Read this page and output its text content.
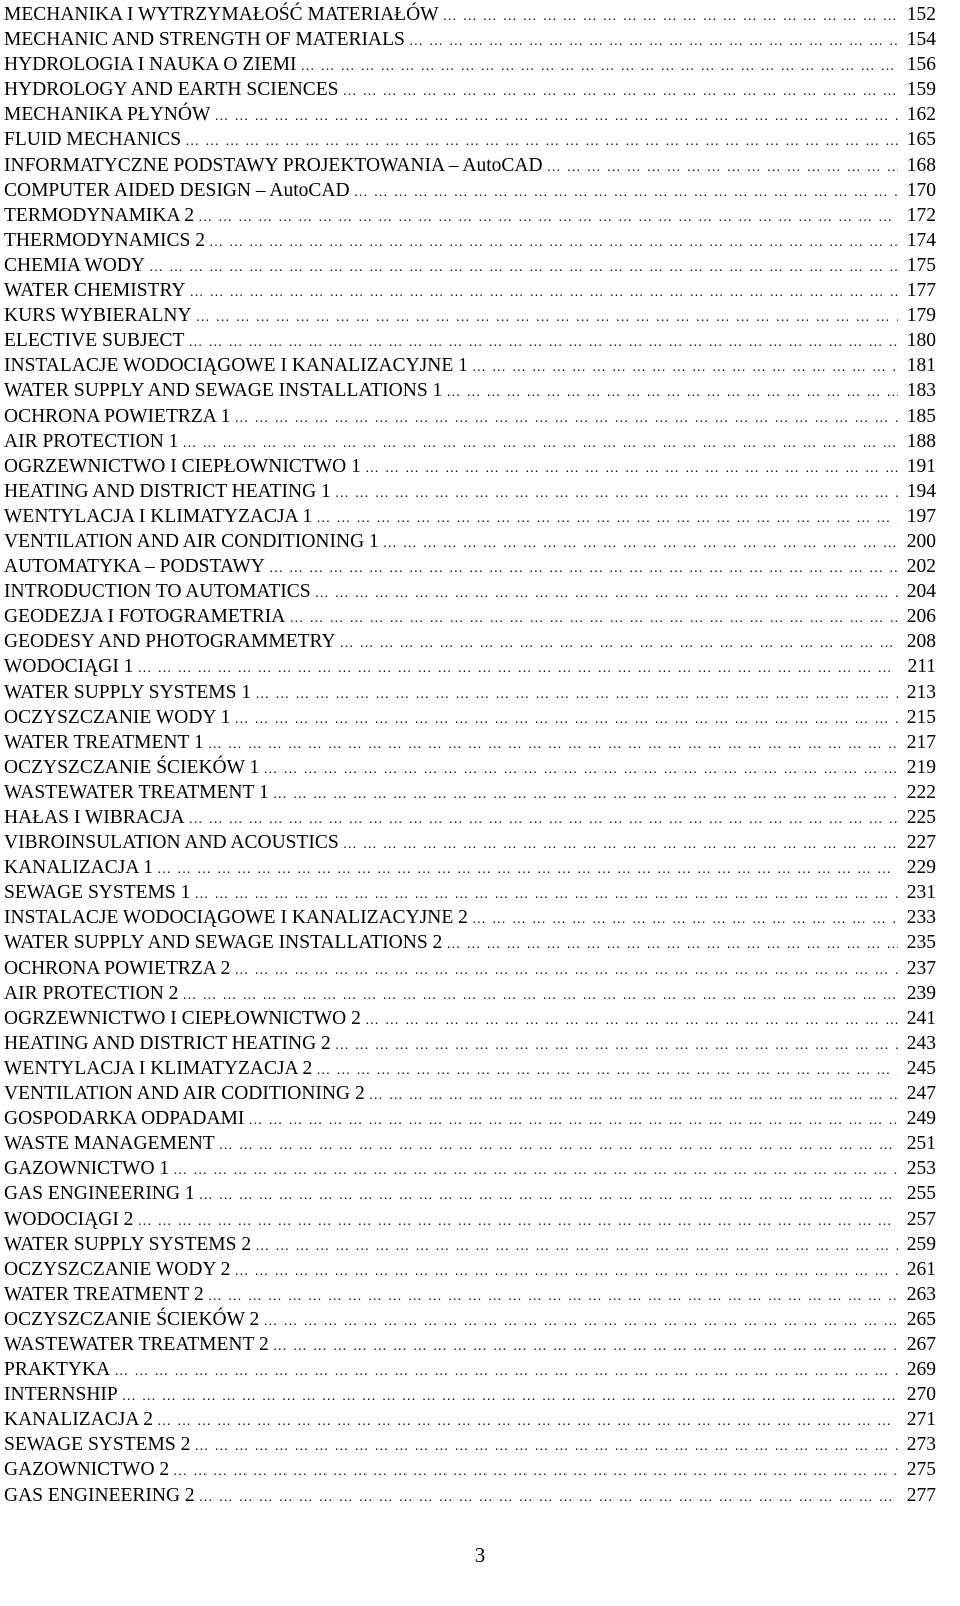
MECHANIKA I WYTRZYMAŁOŚĆ MATERIAŁÓW …………………………………………………………………………………………………………………………………………………………………………………………………………………………	152
MECHANIC AND STRENGTH OF MATERIALS …………………………………………………………………………………………………………………………………………………………………………………………………………………………	154
HYDROLOGIA I NAUKA O ZIEMI …………………………………………………………………………………………………………………………………………………………………………………………………………………………	156
HYDROLOGY AND EARTH SCIENCES …………………………………………………………………………………………………………………………………………………………………………………………………………………………	159
MECHANIKA PŁYNÓW …………………………………………………………………………………………………………………………………………………………………………………………………………………………	162
FLUID MECHANICS …………………………………………………………………………………………………………………………………………………………………………………………………………………………	165
INFORMATYCZNE PODSTAWY PROJEKTOWANIA – AutoCAD …………………………………………………………………………………………………………………………………………………………………………………………………………………………	168
COMPUTER AIDED DESIGN – AutoCAD …………………………………………………………………………………………………………………………………………………………………………………………………………………………	170
TERMODYNAMIKA 2 …………………………………………………………………………………………………………………………………………………………………………………………………………………………	172
THERMODYNAMICS 2 …………………………………………………………………………………………………………………………………………………………………………………………………………………………	174
CHEMIA WODY …………………………………………………………………………………………………………………………………………………………………………………………………………………………	175
WATER CHEMISTRY …………………………………………………………………………………………………………………………………………………………………………………………………………………………	177
KURS WYBIERALNY …………………………………………………………………………………………………………………………………………………………………………………………………………………………	179
ELECTIVE SUBJECT …………………………………………………………………………………………………………………………………………………………………………………………………………………………	180
INSTALACJE WODOCIĄGOWE I KANALIZACYJNE 1 …………………………………………………………………………………………………………………………………………………………………………………………………………………………	181
WATER SUPPLY AND SEWAGE INSTALLATIONS 1 …………………………………………………………………………………………………………………………………………………………………………………………………………………………	183
OCHRONA POWIETRZA 1 …………………………………………………………………………………………………………………………………………………………………………………………………………………………	185
AIR PROTECTION 1 …………………………………………………………………………………………………………………………………………………………………………………………………………………………	188
OGRZEWNICTWO I CIEPŁOWNICTWO 1 …………………………………………………………………………………………………………………………………………………………………………………………………………………………	191
HEATING AND DISTRICT HEATING 1 …………………………………………………………………………………………………………………………………………………………………………………………………………………………	194
WENTYLACJA I KLIMATYZACJA 1 …………………………………………………………………………………………………………………………………………………………………………………………………………………………	197
VENTILATION AND AIR CONDITIONING 1 …………………………………………………………………………………………………………………………………………………………………………………………………………………………	200
AUTOMATYKA – PODSTAWY …………………………………………………………………………………………………………………………………………………………………………………………………………………………	202
INTRODUCTION TO AUTOMATICS …………………………………………………………………………………………………………………………………………………………………………………………………………………………	204
GEODEZJA I FOTOGRAMETRIA …………………………………………………………………………………………………………………………………………………………………………………………………………………………	206
GEODESY AND PHOTOGRAMMETRY …………………………………………………………………………………………………………………………………………………………………………………………………………………………	208
WODOCIĄGI 1 …………………………………………………………………………………………………………………………………………………………………………………………………………………………	211
WATER SUPPLY SYSTEMS 1 …………………………………………………………………………………………………………………………………………………………………………………………………………………………	213
OCZYSZCZANIE WODY 1 …………………………………………………………………………………………………………………………………………………………………………………………………………………………	215
WATER TREATMENT 1 …………………………………………………………………………………………………………………………………………………………………………………………………………………………	217
OCZYSZCZANIE ŚCIEKÓW 1 …………………………………………………………………………………………………………………………………………………………………………………………………………………………	219
WASTEWATER TREATMENT 1 …………………………………………………………………………………………………………………………………………………………………………………………………………………………	222
HAŁAS I WIBRACJA …………………………………………………………………………………………………………………………………………………………………………………………………………………………	225
VIBROINSULATION AND ACOUSTICS …………………………………………………………………………………………………………………………………………………………………………………………………………………………	227
KANALIZACJA 1 …………………………………………………………………………………………………………………………………………………………………………………………………………………………	229
SEWAGE SYSTEMS 1 …………………………………………………………………………………………………………………………………………………………………………………………………………………………	231
INSTALACJE WODOCIĄGOWE I KANALIZACYJNE 2 …………………………………………………………………………………………………………………………………………………………………………………………………………………………	233
WATER SUPPLY AND SEWAGE INSTALLATIONS 2 …………………………………………………………………………………………………………………………………………………………………………………………………………………………	235
OCHRONA POWIETRZA 2 …………………………………………………………………………………………………………………………………………………………………………………………………………………………	237
AIR PROTECTION 2 …………………………………………………………………………………………………………………………………………………………………………………………………………………………	239
OGRZEWNICTWO I CIEPŁOWNICTWO 2 …………………………………………………………………………………………………………………………………………………………………………………………………………………………	241
HEATING AND DISTRICT HEATING 2 …………………………………………………………………………………………………………………………………………………………………………………………………………………………	243
WENTYLACJA I KLIMATYZACJA 2 …………………………………………………………………………………………………………………………………………………………………………………………………………………………	245
VENTILATION AND AIR CODITIONING 2 …………………………………………………………………………………………………………………………………………………………………………………………………………………………	247
GOSPODARKA ODPADAMI …………………………………………………………………………………………………………………………………………………………………………………………………………………………	249
WASTE MANAGEMENT …………………………………………………………………………………………………………………………………………………………………………………………………………………………	251
GAZOWNICTWO 1 …………………………………………………………………………………………………………………………………………………………………………………………………………………………	253
GAS ENGINEERING 1 …………………………………………………………………………………………………………………………………………………………………………………………………………………………	255
WODOCIĄGI 2 …………………………………………………………………………………………………………………………………………………………………………………………………………………………	257
WATER SUPPLY SYSTEMS 2 …………………………………………………………………………………………………………………………………………………………………………………………………………………………	259
OCZYSZCZANIE WODY 2 …………………………………………………………………………………………………………………………………………………………………………………………………………………………	261
WATER TREATMENT 2 …………………………………………………………………………………………………………………………………………………………………………………………………………………………	263
OCZYSZCZANIE ŚCIEKÓW 2 …………………………………………………………………………………………………………………………………………………………………………………………………………………………	265
WASTEWATER TREATMENT 2 …………………………………………………………………………………………………………………………………………………………………………………………………………………………	267
PRAKTYKA …………………………………………………………………………………………………………………………………………………………………………………………………………………………	269
INTERNSHIP …………………………………………………………………………………………………………………………………………………………………………………………………………………………	270
KANALIZACJA 2 …………………………………………………………………………………………………………………………………………………………………………………………………………………………	271
SEWAGE SYSTEMS 2 …………………………………………………………………………………………………………………………………………………………………………………………………………………………	273
GAZOWNICTWO 2 …………………………………………………………………………………………………………………………………………………………………………………………………………………………	275
GAS ENGINEERING 2 …………………………………………………………………………………………………………………………………………………………………………………………………………………………	277
3
